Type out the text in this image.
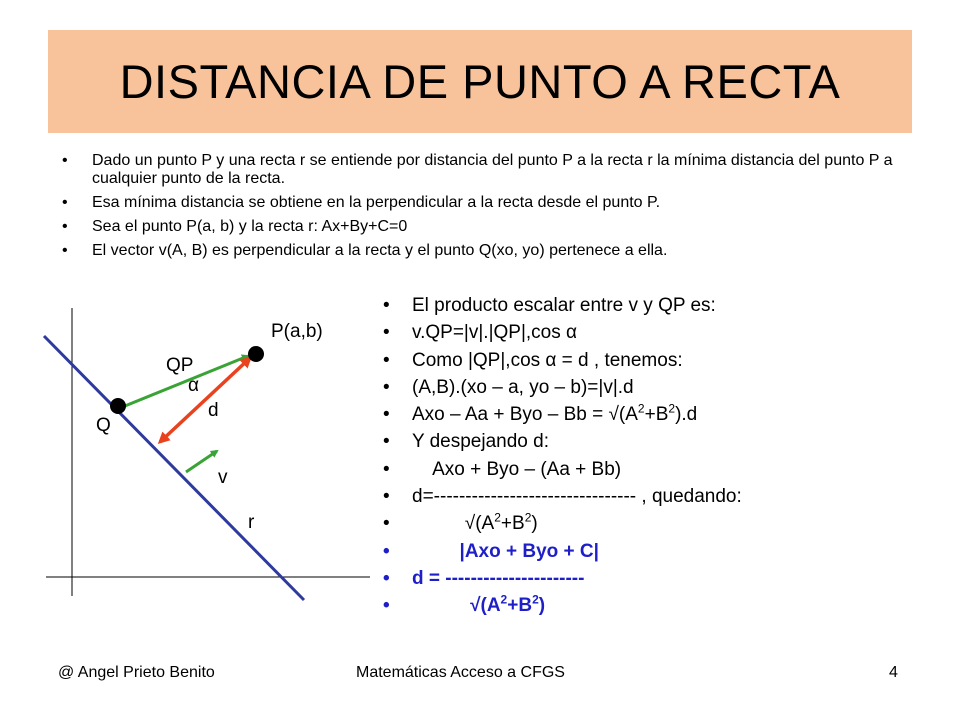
DISTANCIA DE PUNTO A RECTA
• Dado un punto P y una recta r se entiende por distancia del punto P a la recta r la mínima distancia del punto P a cualquier punto de la recta.
• Esa mínima distancia se obtiene en la perpendicular a la recta desde el punto P.
• Sea el punto P(a, b) y la recta r: Ax+By+C=0
• El vector v(A, B) es perpendicular a la recta y el punto Q(xo, yo) pertenece a ella.
P(a,b)
QP
α
d
Q
v
r
• El producto escalar entre v y QP es:
• v.QP=|v|.|QP|,cos α
• Como |QP|,cos α = d , tenemos:
• (A,B).(xo – a, yo – b)=|v|.d
• Axo – Aa + Byo – $Bb = √(A^2+B^2).d$
• Y despejando d:
•     Axo + Byo – (Aa + Bb)
• d=-------------------------------- , quedando:
•           $√(A^2+B^2)$
•          |Axo + Byo + C|
• d = ----------------------
•            $√(A^2+B^2)$
@ Angel Prieto Benito	Matemáticas Acceso a CFGS	4
